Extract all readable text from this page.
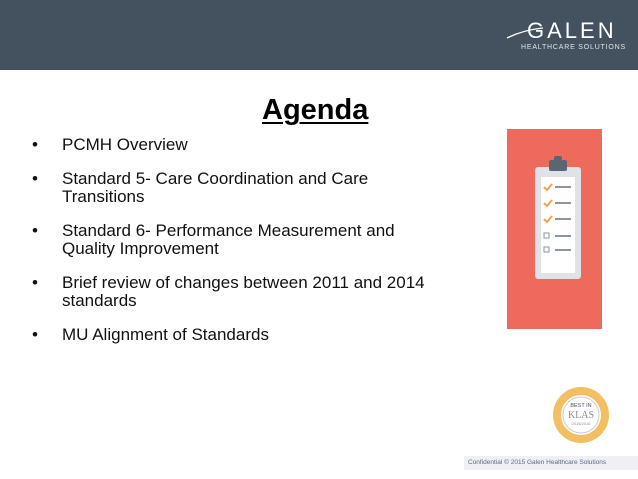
GALEN
HEALTHCARE SOLUTIONS
Agenda
• PCMH Overview
• Standard 5- Care Coordination and Care
Transitions
• Standard 6- Performance Measurement and
Quality Improvement
• Brief review of changes between 2011 and 2014
standards
• MU Alignment of Standards
BEST IN
KLAS
2015/2016
Confidential © 2015 Galen Healthcare Solutions
